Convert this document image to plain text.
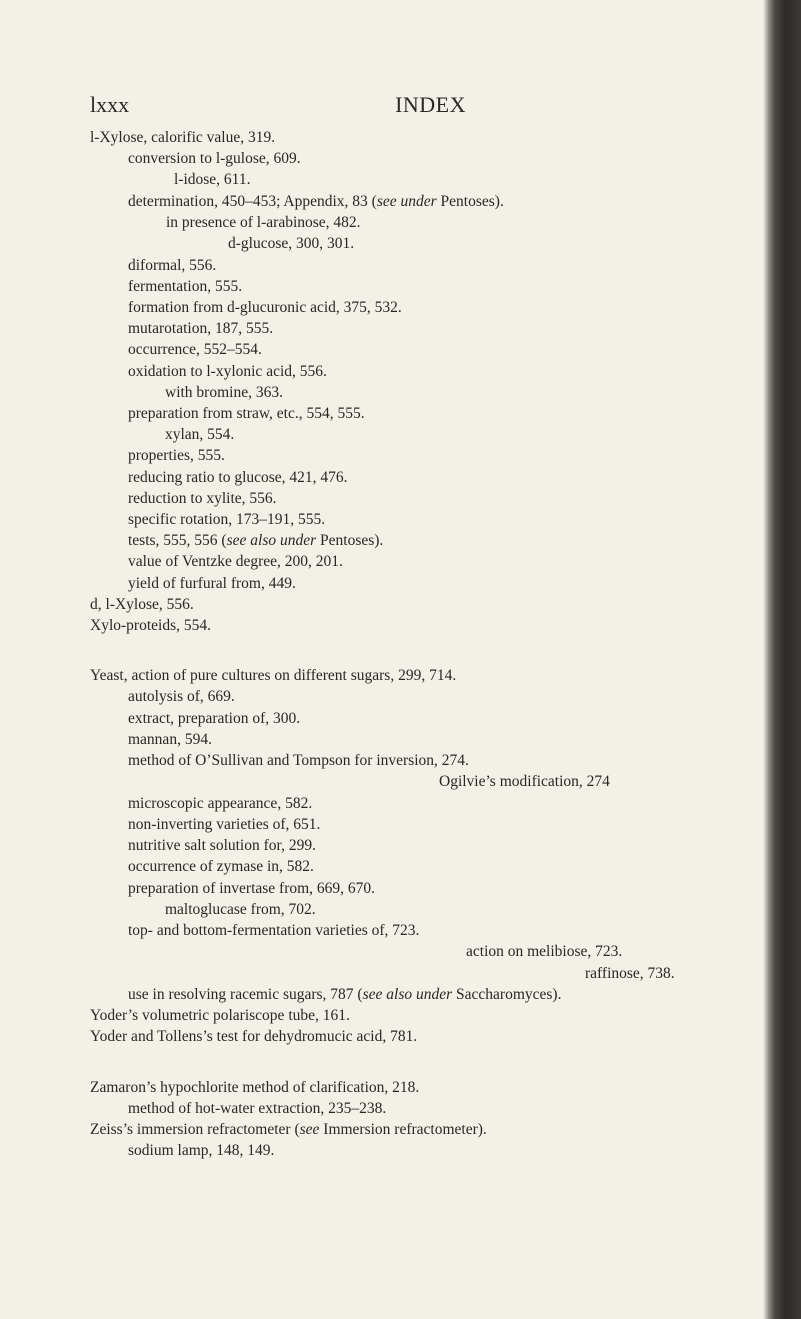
lxxx	INDEX
l-Xylose, calorific value, 319.
conversion to l-gulose, 609.
l-idose, 611.
determination, 450–453; Appendix, 83 (see under Pentoses).
in presence of l-arabinose, 482.
d-glucose, 300, 301.
diformal, 556.
fermentation, 555.
formation from d-glucuronic acid, 375, 532.
mutarotation, 187, 555.
occurrence, 552–554.
oxidation to l-xylonic acid, 556.
with bromine, 363.
preparation from straw, etc., 554, 555.
xylan, 554.
properties, 555.
reducing ratio to glucose, 421, 476.
reduction to xylite, 556.
specific rotation, 173–191, 555.
tests, 555, 556 (see also under Pentoses).
value of Ventzke degree, 200, 201.
yield of furfural from, 449.
d, l-Xylose, 556.
Xylo-proteids, 554.
Yeast, action of pure cultures on different sugars, 299, 714.
autolysis of, 669.
extract, preparation of, 300.
mannan, 594.
method of O’Sullivan and Tompson for inversion, 274.
Ogilvie’s modification, 274
microscopic appearance, 582.
non-inverting varieties of, 651.
nutritive salt solution for, 299.
occurrence of zymase in, 582.
preparation of invertase from, 669, 670.
maltoglucase from, 702.
top- and bottom-fermentation varieties of, 723.
action on melibiose, 723.
raffinose, 738.
use in resolving racemic sugars, 787 (see also under Saccharomyces).
Yoder’s volumetric polariscope tube, 161.
Yoder and Tollens’s test for dehydromucic acid, 781.
Zamaron’s hypochlorite method of clarification, 218.
method of hot-water extraction, 235–238.
Zeiss’s immersion refractometer (see Immersion refractometer).
sodium lamp, 148, 149.
